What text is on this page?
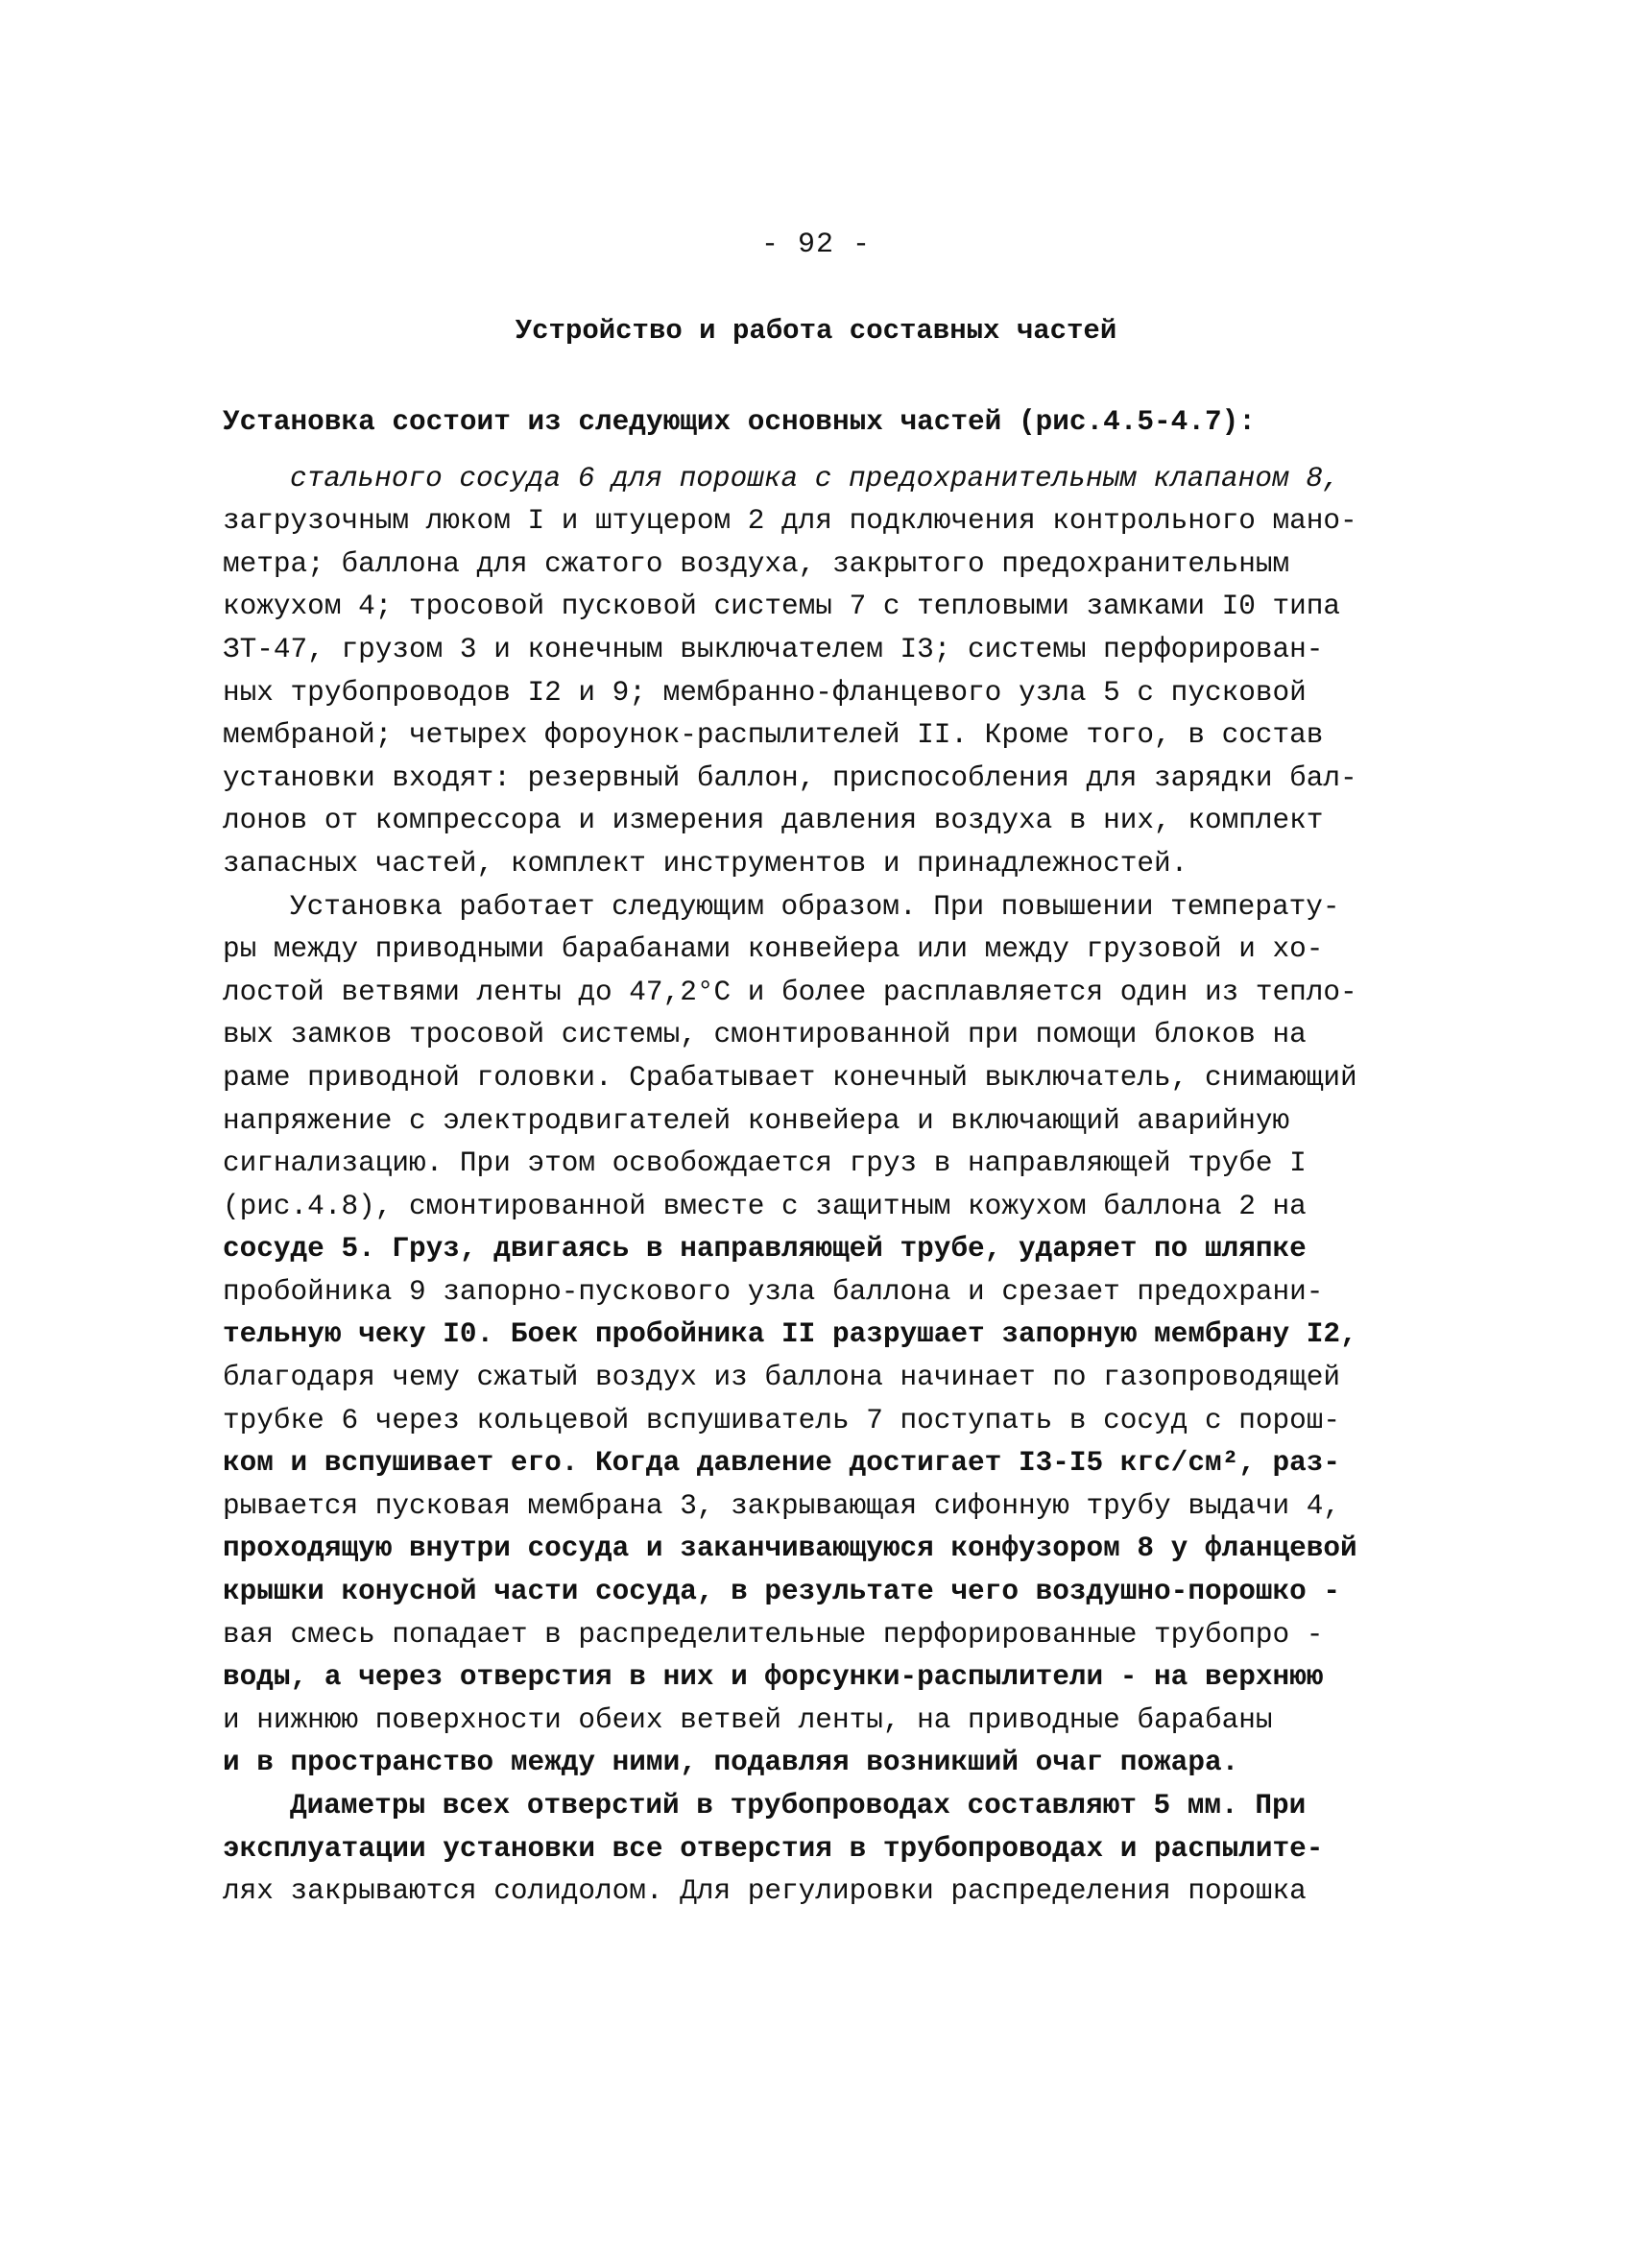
- 92 -
Устройство и работа составных частей
Установка состоит из следующих основных частей (рис.4.5-4.7):
стального сосуда 6 для порошка с предохранительным клапаном 8,
загрузочным люком I и штуцером 2 для подключения контрольного мано-
метра; баллона для сжатого воздуха, закрытого предохранительным
кожухом 4; тросовой пусковой системы 7 с тепловыми замками I0 типа
ЗТ-47, грузом 3 и конечным выключателем I3; системы перфорирован-
ных трубопроводов I2 и 9; мембранно-фланцевого узла 5 с пусковой
мембраной; четырех фороунок-распылителей II. Кроме того, в состав
установки входят: резервный баллон, приспособления для зарядки бал-
лонов от компрессора и измерения давления воздуха в них, комплект
запасных частей, комплект инструментов и принадлежностей.
Установка работает следующим образом. При повышении температу-
ры между приводными барабанами конвейера или между грузовой и хо-
лостой ветвями ленты до 47,2°С и более расплавляется один из тепло-
вых замков тросовой системы, смонтированной при помощи блоков на
раме приводной головки. Срабатывает конечный выключатель, снимающий
напряжение с электродвигателей конвейера и включающий аварийную
сигнализацию. При этом освобождается груз в направляющей трубе I
(рис.4.8), смонтированной вместе с защитным кожухом баллона 2 на
сосуде 5. Груз, двигаясь в направляющей трубе, ударяет по шляпке
пробойника 9 запорно-пускового узла баллона и срезает предохрани-
тельную чеку I0. Боек пробойника II разрушает запорную мембрану I2,
благодаря чему сжатый воздух из баллона начинает по газопроводящей
трубке 6 через кольцевой вспушиватель 7 поступать в сосуд с порош-
ком и вспушивает его. Когда давление достигает I3-I5 кгс/см², раз-
рывается пусковая мембрана 3, закрывающая сифонную трубу выдачи 4,
проходящую внутри сосуда и заканчивающуюся конфузором 8 у фланцевой
крышки конусной части сосуда, в результате чего воздушно-порошко -
вая смесь попадает в распределительные перфорированные трубопро -
воды, а через отверстия в них и форсунки-распылители - на верхнюю
и нижнюю поверхности обеих ветвей ленты, на приводные барабаны
и в пространство между ними, подавляя возникший очаг пожара.
Диаметры всех отверстий в трубопроводах составляют 5 мм. При
эксплуатации установки все отверстия в трубопроводах и распылите-
лях закрываются солидолом. Для регулировки распределения порошка
